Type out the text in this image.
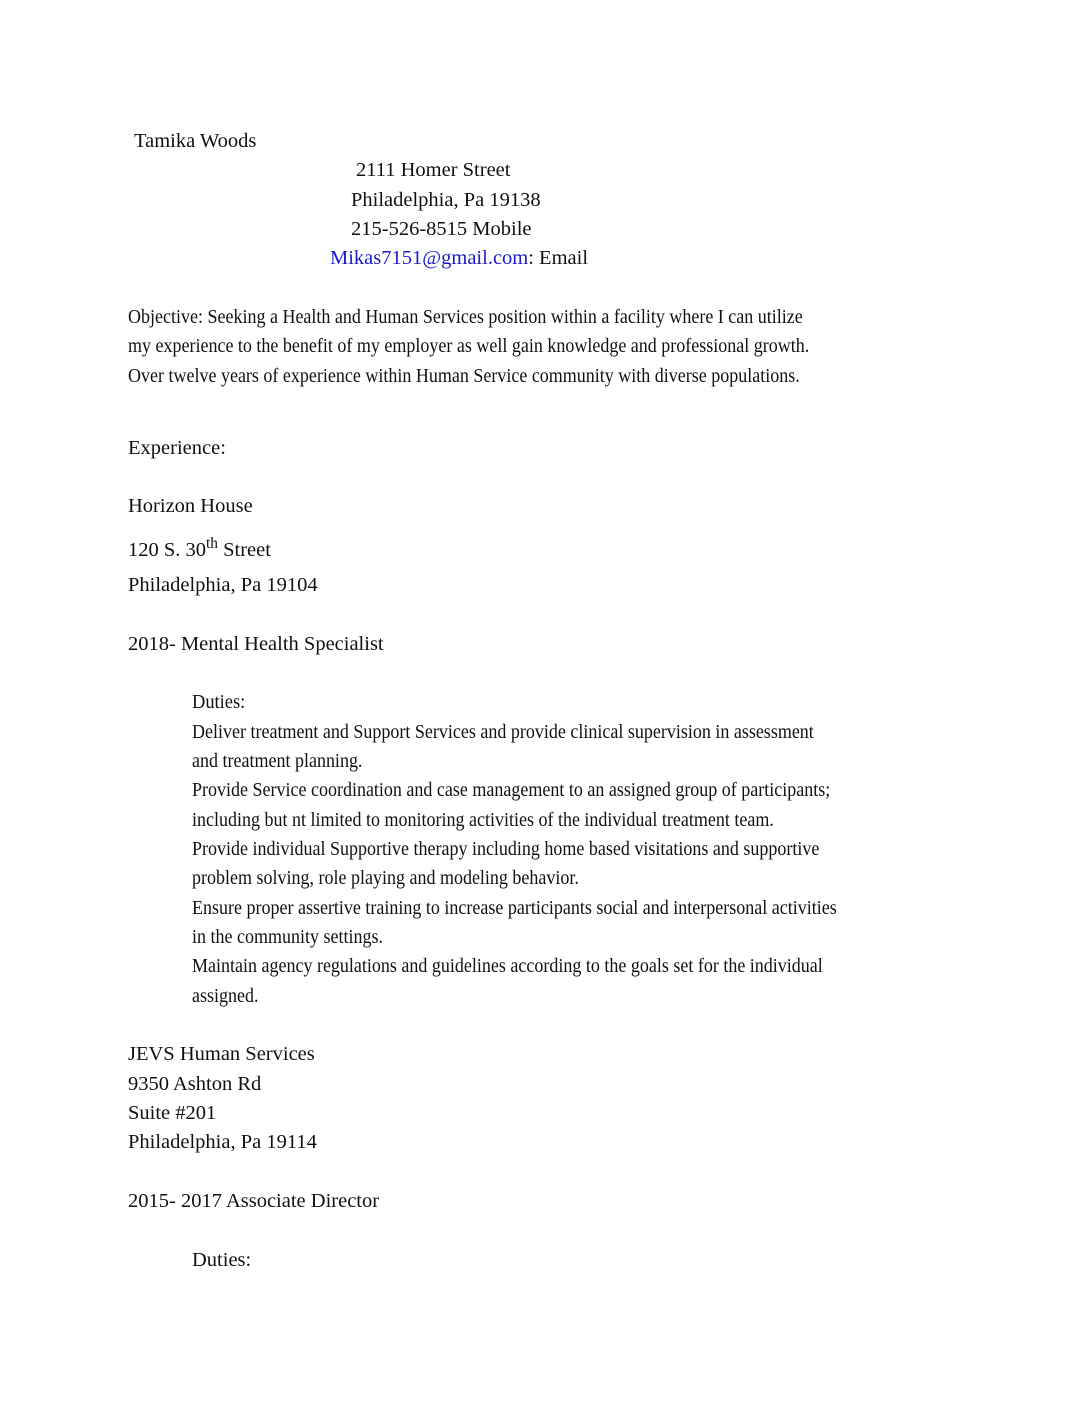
Tamika Woods
2111 Homer Street
Philadelphia, Pa 19138
215-526-8515 Mobile
Mikas7151@gmail.com: Email
Objective: Seeking a Health and Human Services position within a facility where I can utilize
my experience to the benefit of my employer as well gain knowledge and professional growth.
Over twelve years of experience within Human Service community with diverse populations.
Experience:
Horizon House
120 S. 30th Street
Philadelphia, Pa 19104
2018- Mental Health Specialist
Duties:
Deliver treatment and Support Services and provide clinical supervision in assessment
and treatment planning.
Provide Service coordination and case management to an assigned group of participants;
including but nt limited to monitoring activities of the individual treatment team.
Provide individual Supportive therapy including home based visitations and supportive
problem solving, role playing and modeling behavior.
Ensure proper assertive training to increase participants social and interpersonal activities
in the community settings.
Maintain agency regulations and guidelines according to the goals set for the individual
assigned.
JEVS Human Services
9350 Ashton Rd
Suite #201
Philadelphia, Pa 19114
2015- 2017 Associate Director
Duties:
